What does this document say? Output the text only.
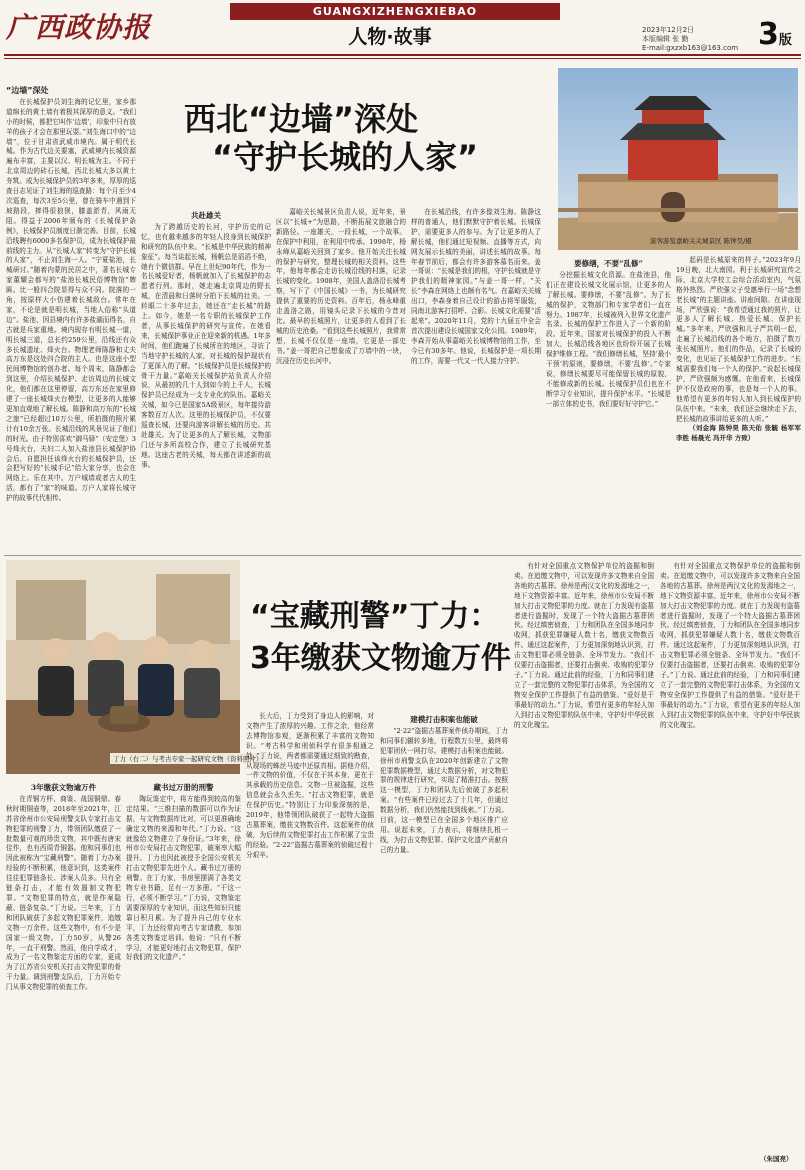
广西政协报	GUANGXIZHENGXIEBAO
人物·故事	2023年12月2日
本版编辑 张 勤
E-mail:gxzxb163@163.com 3版
西北“边墙”深处
“守护长城的人家”
游客游览嘉峪关关城景区 陈钟昊/摄

“边墙”深处

在长城保护员刘生海的记忆里，家乡那道绵长的黄土墙有着极其深厚的意义。“我们小的时候，都把它叫作‘边墙’，印象中只有放羊的孩子才会在那里玩耍。”刘生海口中的“边墙”，位于甘肃省武威市境内。属于明代长城。作为古代边关要塞，武威境内长城资源遍布丰富，主要以汉、明长城为主。不同于北京周边的砖石长城，西北长城大多以黄土夯筑。成为长城保护员的3年多来，厚厚的巡查日志见证了刘生海的巡查路：每个月至少4次巡查，每次3至5公里，曾在骑车中遇到下坡路段，摔得很狼狈，膝盖淤青，风雨无阻。得益于2006年颁布的《长城保护条例》，长城保护员制度日渐完善。目前，长城沿线聘有6000多名保护员，成为长城保护最前线的主力。从“长城人家”转变为“守护长城的人家”，不止刘生海一人。“宁夏盐池，长城研讨。”随着内蒙的民居之中，著名长城专家董耀会都写的“盐池长城民俗博物馆”牌匾。比一般四合院显得与众不同。院落的一角，按原样大小仿建着长城敌台。常年在家，不论是就是明长城，当地人俗称“头道边”。盐池，因县境内有许多盐湖而得名，自古就是兵家重地。境内现存有明长城一道，明长城三道，总长约259公里，沿线还有众多长城遗址、烽火台。物理老师陈静和丈夫高万东是这处四合院的主人。也是这座小型民间博物馆的创办者。每个周末，陈静都会到这里，介绍长城保护、走访周边的长城文化，他们都在这里停留，高万东还在家里修建了一座长城烽火台模型，让更多的人能够更加直观地了解长城。陈静和高万东的“长城之旅”已经超过10万公里，所拍摄的照片累计有10余万张。长城沿线的风景见证了他们的时光。由于特别喜欢“御马驿”（安定堡）3号烽火台，夫妇二人加入盐池县长城保护协会后，自愿担任该烽火台的长城保护员，还会把写好的“长城手记”给大家分享，也会在网络上。乐在其中。万户城墙或者古人的生活，都有了“家”的味道。万户人家将长城守护的故事代代相传。

共赴雄关

为了跨越历史的长河，守护历史的记忆，也有越来越多的年轻人投身到长城保护和研究的队伍中来。“长城是中华民族的精神象征”。每当谈起长城，杨帆总是滔滔不绝，她有个微信群。早在上世纪90年代，作为一名长城爱好者，杨帆就加入了长城保护的志愿者行列。那时，她走遍北京周边的野长城，在清晨和日落时分拍下长城的壮美。一转眼二十多年过去，她还在“走长城”的路上。如今，她是一名专职的长城保护工作者，从事长城保护的研究与宣传。在她看来，长城保护事业正在迎来新的机遇。1年多时间，他们跑遍了长城所在的地区，寻访了当地守护长城的人家，对长城的保护现状有了更深入的了解。“长城保护员是长城保护的骨干力量。”嘉峪关长城保护站负责人介绍说，从最初的几十人到如今的上千人，长城保护员已经成为一支专业化的队伍。嘉峪关关城，如今已是国家5A级景区，每年接待游客数百万人次。这里的长城保护员，不仅要巡查长城，还要向游客讲解长城的历史。共赴雄关。为了让更多的人了解长城，文物部门还与多所高校合作，建立了长城研究基地。这座古老的关城，每天都在讲述新的故事。

嘉峪关长城景区负责人说，近年来，景区以“长城+”为思路，不断拓展文旅融合的新路径。一座雄关，一段长城，一个故事。在保护中利用，在利用中传承。1998年，杨永峰从嘉峪关回到了家乡。他开始关注长城的保护与研究，整理长城的相关资料。这些年，他每年都会走访长城沿线的村落，记录长城的变化。1908年，美国人盖洛沿长城考察，写下了《中国长城》一书，为长城研究提供了重要的历史资料。百年后，杨永峰重走盖洛之路，用镜头记录下长城的今昔对比。最早的长城照片，让更多的人看到了长城的历史沧桑。“看到这些长城照片，我常常想，长城不仅仅是一座墙，它更是一部史书。”姜一哥把自己想象成了万墙中的一块，沉浸在历史长河中。

在长城沿线，有许多像刘生海、陈静这样的普通人，他们默默守护着长城。长城保护，需要更多人的参与。为了让更多的人了解长城，他们通过短视频、直播等方式，向网友展示长城的美丽，讲述长城的故事。每年春节前后，都会有许多游客慕名而来。姜一哥说：“长城是我们的根，守护长城就是守护我们的精神家园。”与姜一哥一样，“关长”李森在网络上也颇有名气。在嘉峪关关城出口，李森身着自己设计的游击将军服装，同南北游客打招呼、合影。长城文化需要“活起来”。2020年11月，党的十九届五中全会首次提出建设长城国家文化公园。1989年，李森开始从事嘉峪关长城博物馆的工作，至今已有30多年。他说，长城保护是一项长期的工作，需要一代又一代人接力守护。

要修缮，不要“乱修”

分挖掘长城文化资源。在盐池县，他们正在建设长城文化展示馆，让更多的人了解长城。要修缮，不要“乱修”。为了长城的保护，文物部门和专家学者们一直在努力。1987年，长城被列入世界文化遗产名录。长城的保护工作进入了一个新的阶段。近年来，国家对长城保护的投入不断加大，长城沿线各地区也纷纷开展了长城保护维修工程。“我们修缮长城，坚持‘最小干预’的原则，要修缮，不要‘乱修’。”专家说，修缮长城要尽可能保留长城的原貌，不能修成新的长城。长城保护员们也在不断学习专业知识，提升保护水平。“长城是一部立体的史书，我们要好好守护它。”

起码是长城原来的样子。”2023年9月19日晚，北大南园。利于长城研究宣传之际，北京大学校工会综合活动室内，气氛格外热烈。严欣强父子受邀举行一场“念想老长城”的主题讲座。讲座间隙。在讲座现场，严欣强说：“我希望通过我的照片，让更多人了解长城、热爱长城、保护长城。”多年来，严欣强和儿子严共明一起，走遍了长城沿线的各个地方，拍摄了数万张长城照片。他们的作品，记录了长城的变化，也见证了长城保护工作的进步。“长城需要我们每一个人的保护。”说起长城保护，严欣强颇为感慨。在他看来，长城保护不仅是政府的事，也是每一个人的事。他希望有更多的年轻人加入到长城保护的队伍中来。“未来，我们还会继续走下去，把长城的故事讲给更多的人听。”

（刘金海 陈钟昊 陈天佑 张毓 杨军军 李胜 杨晨光 冯开华 方致）

丁力（右二）与考古专家一起研究文物（资料照片）
“宝藏刑警”丁力：
3年缴获文物逾万件

3年缴获文物逾万件

在青铜方杯、商鉴、战国铜鼎、春秋时期铜壶等，2018年至2021年，江苏省徐州市公安局刑警支队专家打击文物犯罪的刑警丁力，带领团队缴获了一批数量可观的珍贵文物，其中既有唐宋佳作，也有西周青铜器。他和同事们也因此被称为“宝藏刑警”。随着丁力办案经验的不断积累，他意识到，这类案件往往犯罪链条长、涉案人员多。只有全链条打击，才能有效遏制文物犯罪。“文物犯罪的特点，就是作案隐蔽、链条复杂。”丁力说。三年来，丁力和团队破获了多起文物犯罪案件，追缴文物一万余件。这些文物中，有不少是国家一级文物。丁力50岁，从警26年，一直干刑警。然而，他自学成才，成为了一名文物鉴定方面的专家，更成为了江苏省公安机关打击文物犯罪的骨干力量。调到刑警支队后，丁力开始专门从事文物犯罪的侦查工作。

藏书过万册的刑警

陶玩鉴定中，将方能得到较高的鉴定结果。“三维扫描的数据可以作为证据，与文物数据库比对，可以更准确地确定文物的来源和年代。”丁力说。“这就像给文物建立了身份证。”3年来，徐州市公安局打击文物犯罪，破案率大幅提升。丁力也因此被授予全国公安机关打击文物犯罪先进个人。藏书过万册的刑警。在丁力家，书房里摆满了各类文物专业书籍，足有一万多册。“干这一行，必须不断学习。”丁力说，文物鉴定需要深厚的专业知识，而这些知识只能靠日积月累。为了提升自己的专业水平，丁力还经常向考古专家请教，参加各类文物鉴定培训。他说：“只有不断学习，才能更好地打击文物犯罪，保护好我们的文化遗产。”

长大后，丁力受到了身边人的影响，对文物产生了浓厚的兴趣。工作之余，他经常去博物馆参观，逐渐积累了丰富的文物知识。“考古科学和刑侦科学有很多相通之处。”丁力说，两者都需要通过细致的勘查，从现场的蛛丝马迹中还原真相。据他介绍，一件文物的价值，不仅在于其本身，更在于其承载的历史信息。文物一旦被盗掘，这些信息就会永久丢失。“打击文物犯罪，就是在保护历史。”特别让丁力印象深刻的是，2019年，他带领团队破获了一起特大盗掘古墓葬案，缴获文物数百件。这起案件的侦破，为后续的文物犯罪打击工作积累了宝贵的经验。“2·22”盗掘古墓葬案的侦破过程十分艰辛。

建模打击积案也能破

“2·22”盗掘古墓葬案件侦办期间，丁力和同事们辗转多地，行程数万公里，最终将犯罪团伙一网打尽。建模打击积案也能破。徐州市刑警支队在2020年创新建立了文物犯罪数据模型，通过大数据分析，对文物犯罪的规律进行研究，实现了精准打击。按照这一模型，丁力和团队先后侦破了多起积案。“有些案件已经过去了十几年，但通过数据分析，我们仍然能找到线索。”丁力说。目前，这一模型已在全国多个地区推广应用。说起未来，丁力表示，将继续扎根一线，为打击文物犯罪、保护文化遗产贡献自己的力量。

有针对全国重点文物保护单位的盗掘和倒卖。在追缴文物中，可以发现许多文物来自全国各地的古墓葬。徐州是两汉文化的发源地之一，地下文物资源丰富。近年来，徐州市公安局不断加大打击文物犯罪的力度。就在丁力发现有盗墓者进行盗掘时，发现了一个特大盗掘古墓葬团伙。经过缜密侦查，丁力和团队在全国多地同步收网，抓获犯罪嫌疑人数十名，缴获文物数百件。通过这起案件，丁力更加深刻地认识到，打击文物犯罪必须全链条、全环节发力。“我们不仅要打击盗掘者，还要打击倒卖、收购的犯罪分子。”丁力说。通过此前的经验，丁力和同事们建立了一套完整的文物犯罪打击体系，为全国的文物安全保护工作提供了有益的借鉴。“爱好是干事最好的动力。”丁力说，希望有更多的年轻人加入到打击文物犯罪的队伍中来，守护好中华民族的文化瑰宝。

有针对全国重点文物保护单位的盗掘和倒卖。在追缴文物中，可以发现许多文物来自全国各地的古墓葬。徐州是两汉文化的发源地之一，地下文物资源丰富。近年来，徐州市公安局不断加大打击文物犯罪的力度。就在丁力发现有盗墓者进行盗掘时，发现了一个特大盗掘古墓葬团伙。经过缜密侦查，丁力和团队在全国多地同步收网，抓获犯罪嫌疑人数十名，缴获文物数百件。通过这起案件，丁力更加深刻地认识到，打击文物犯罪必须全链条、全环节发力。“我们不仅要打击盗掘者，还要打击倒卖、收购的犯罪分子。”丁力说。通过此前的经验，丁力和同事们建立了一套完整的文物犯罪打击体系，为全国的文物安全保护工作提供了有益的借鉴。“爱好是干事最好的动力。”丁力说，希望有更多的年轻人加入到打击文物犯罪的队伍中来，守护好中华民族的文化瑰宝。

（朱国亮）
